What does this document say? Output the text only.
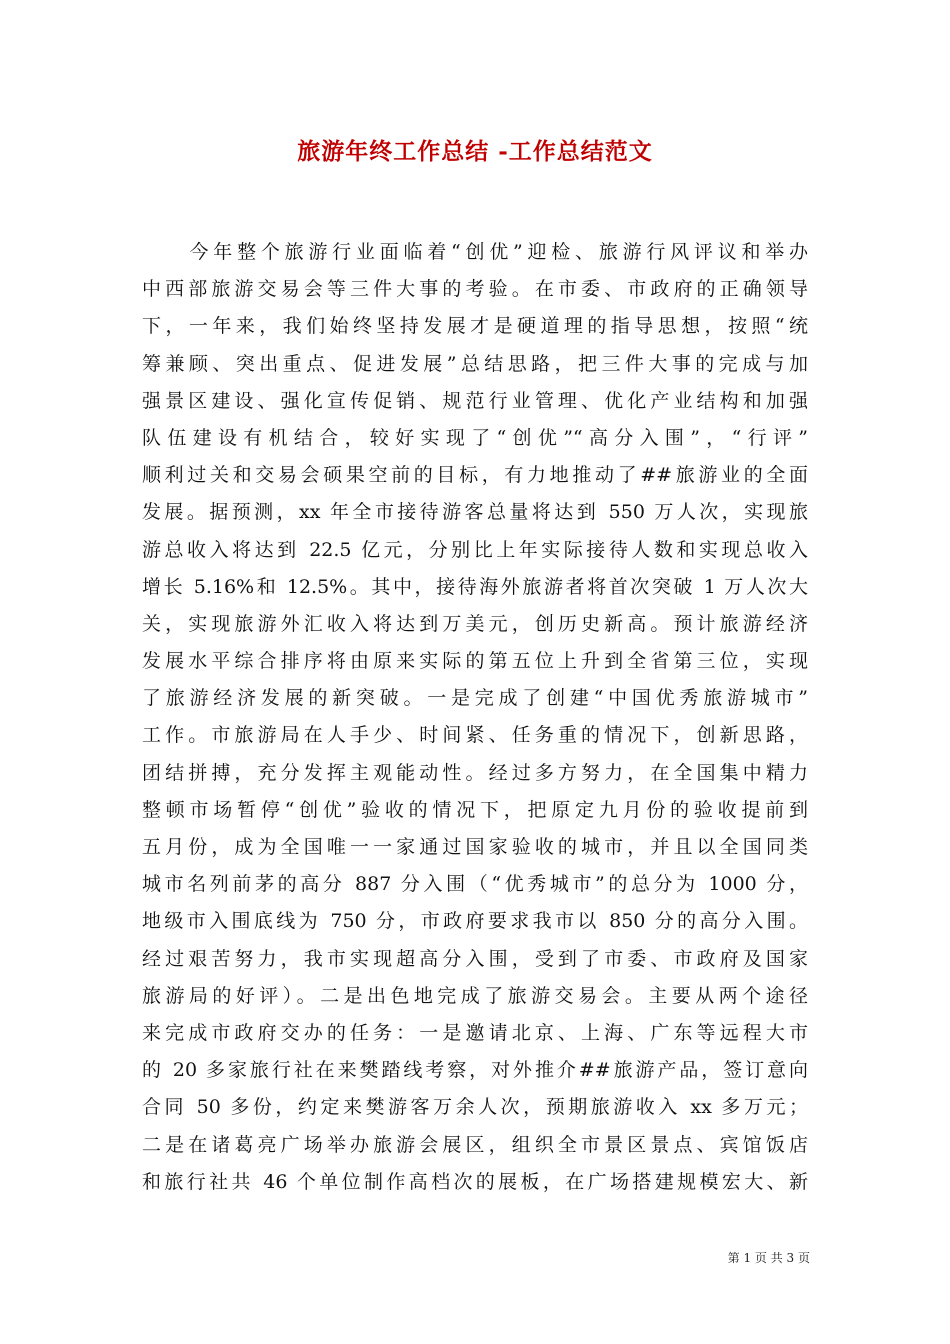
旅游年终工作总结 -工作总结范文
　　今年整个旅游行业面临着“创优”迎检、旅游行风评议和举办
中西部旅游交易会等三件大事的考验。在市委、市政府的正确领导
下，一年来，我们始终坚持发展才是硬道理的指导思想，按照“统
筹兼顾、突出重点、促进发展”总结思路，把三件大事的完成与加
强景区建设、强化宣传促销、规范行业管理、优化产业结构和加强
队伍建设有机结合，较好实现了“创优”“高分入围”，“行评”
顺利过关和交易会硕果空前的目标，有力地推动了##旅游业的全面
发展。据预测，xx 年全市接待游客总量将达到 550 万人次，实现旅
游总收入将达到 22.5 亿元，分别比上年实际接待人数和实现总收入
增长 5.16%和 12.5%。其中，接待海外旅游者将首次突破 1 万人次大
关，实现旅游外汇收入将达到万美元，创历史新高。预计旅游经济
发展水平综合排序将由原来实际的第五位上升到全省第三位，实现
了旅游经济发展的新突破。一是完成了创建“中国优秀旅游城市”
工作。市旅游局在人手少、时间紧、任务重的情况下，创新思路，
团结拼搏，充分发挥主观能动性。经过多方努力，在全国集中精力
整顿市场暂停“创优”验收的情况下，把原定九月份的验收提前到
五月份，成为全国唯一一家通过国家验收的城市，并且以全国同类
城市名列前茅的高分 887 分入围（“优秀城市”的总分为 1000 分，
地级市入围底线为 750 分，市政府要求我市以 850 分的高分入围。
经过艰苦努力，我市实现超高分入围，受到了市委、市政府及国家
旅游局的好评）。二是出色地完成了旅游交易会。主要从两个途径
来完成市政府交办的任务：一是邀请北京、上海、广东等远程大市
的 20 多家旅行社在来樊踏线考察，对外推介##旅游产品，签订意向
合同 50 多份，约定来樊游客万余人次，预期旅游收入 xx 多万元；
二是在诸葛亮广场举办旅游会展区，组织全市景区景点、宾馆饭店
和旅行社共 46 个单位制作高档次的展板，在广场搭建规模宏大、新
第 1 页 共 3 页
